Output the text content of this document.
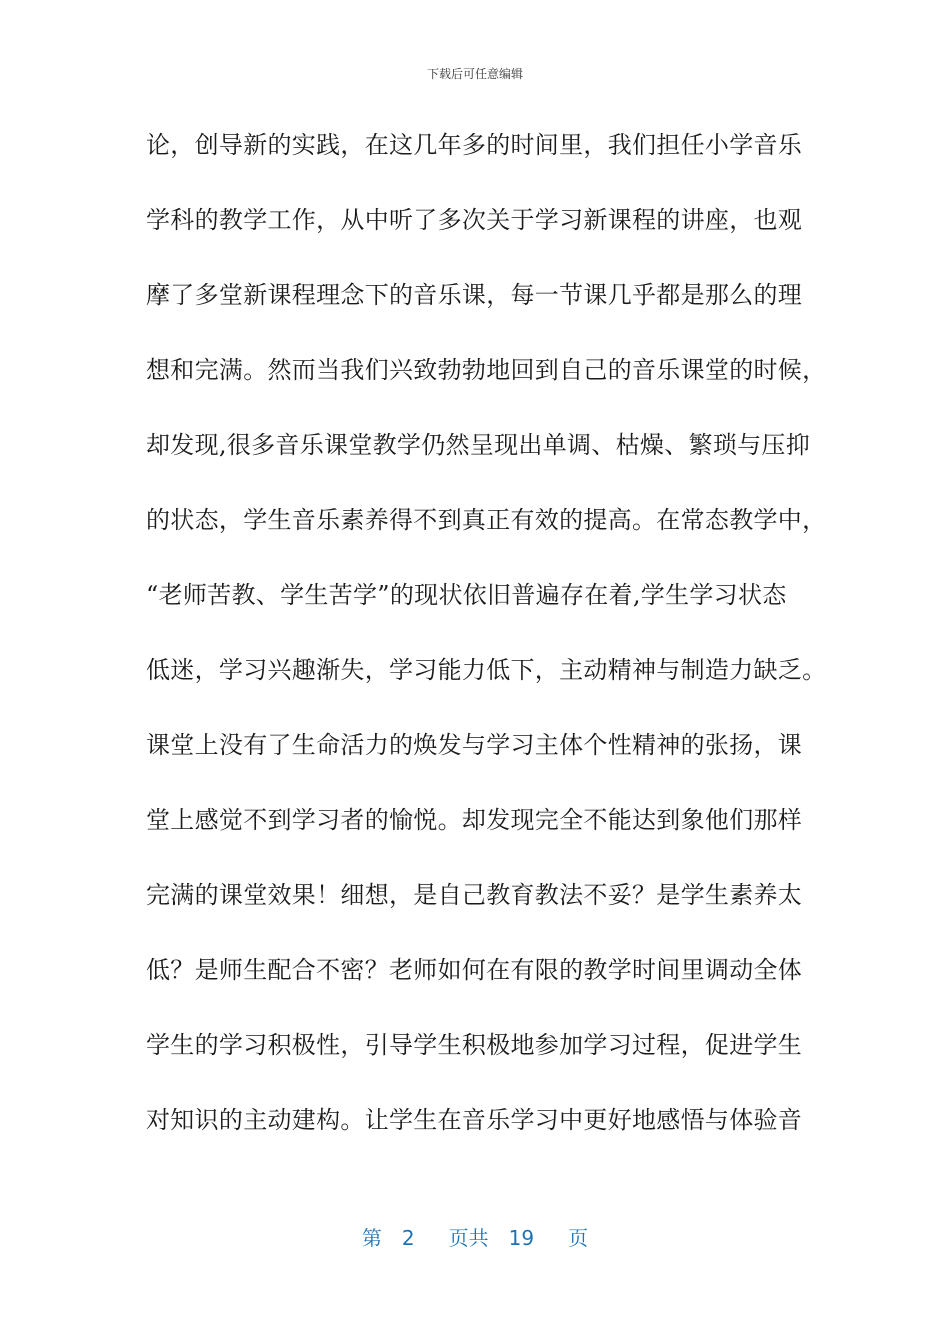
下载后可任意编辑
论，创导新的实践，在这几年多的时间里，我们担任小学音乐
学科的教学工作，从中听了多次关于学习新课程的讲座，也观
摩了多堂新课程理念下的音乐课，每一节课几乎都是那么的理
想和完满。然而当我们兴致勃勃地回到自己的音乐课堂的时候，
却发现,很多音乐课堂教学仍然呈现出单调、枯燥、繁琐与压抑
的状态，学生音乐素养得不到真正有效的提高。在常态教学中，
“老师苦教、学生苦学”的现状依旧普遍存在着,学生学习状态
低迷，学习兴趣渐失，学习能力低下，主动精神与制造力缺乏。
课堂上没有了生命活力的焕发与学习主体个性精神的张扬，课
堂上感觉不到学习者的愉悦。却发现完全不能达到象他们那样
完满的课堂效果！细想，是自己教育教法不妥？是学生素养太
低？是师生配合不密？老师如何在有限的教学时间里调动全体
学生的学习积极性，引导学生积极地参加学习过程，促进学生
对知识的主动建构。让学生在音乐学习中更好地感悟与体验音
第 2 页共 19 页
